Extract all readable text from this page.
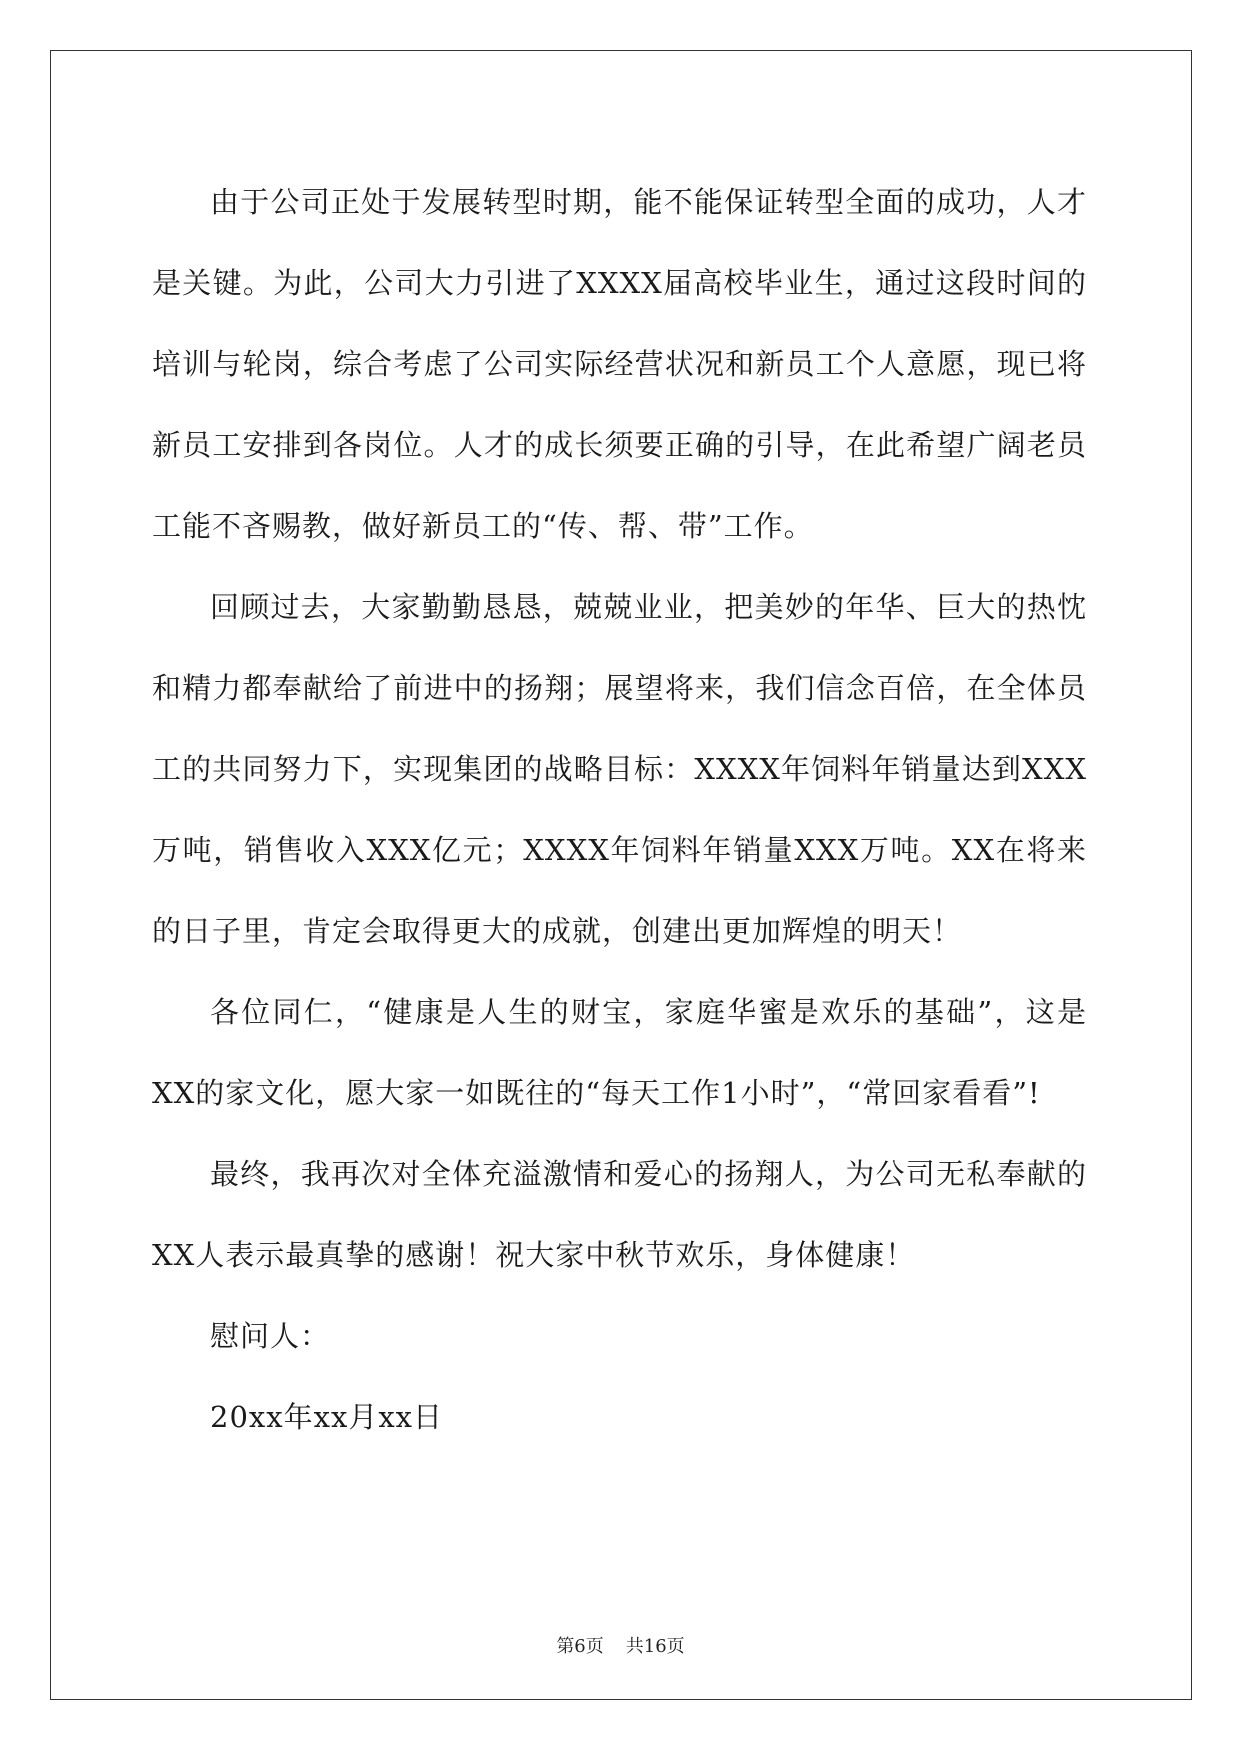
由于公司正处于发展转型时期，能不能保证转型全面的成功，人才是关键。为此，公司大力引进了XXXX届高校毕业生，通过这段时间的培训与轮岗，综合考虑了公司实际经营状况和新员工个人意愿，现已将新员工安排到各岗位。人才的成长须要正确的引导，在此希望广阔老员工能不吝赐教，做好新员工的“传、帮、带”工作。

回顾过去，大家勤勤恳恳，兢兢业业，把美妙的年华、巨大的热忱和精力都奉献给了前进中的扬翔；展望将来，我们信念百倍，在全体员工的共同努力下，实现集团的战略目标：XXXX年饲料年销量达到XXX万吨，销售收入XXX亿元；XXXX年饲料年销量XXX万吨。XX在将来的日子里，肯定会取得更大的成就，创建出更加辉煌的明天！

各位同仁，“健康是人生的财宝，家庭华蜜是欢乐的基础”，这是XX的家文化，愿大家一如既往的“每天工作1小时”，“常回家看看”!

最终，我再次对全体充溢激情和爱心的扬翔人，为公司无私奉献的XX人表示最真挚的感谢！祝大家中秋节欢乐，身体健康！

慰问人：

20xx年xx月xx日

第6页 共16页
